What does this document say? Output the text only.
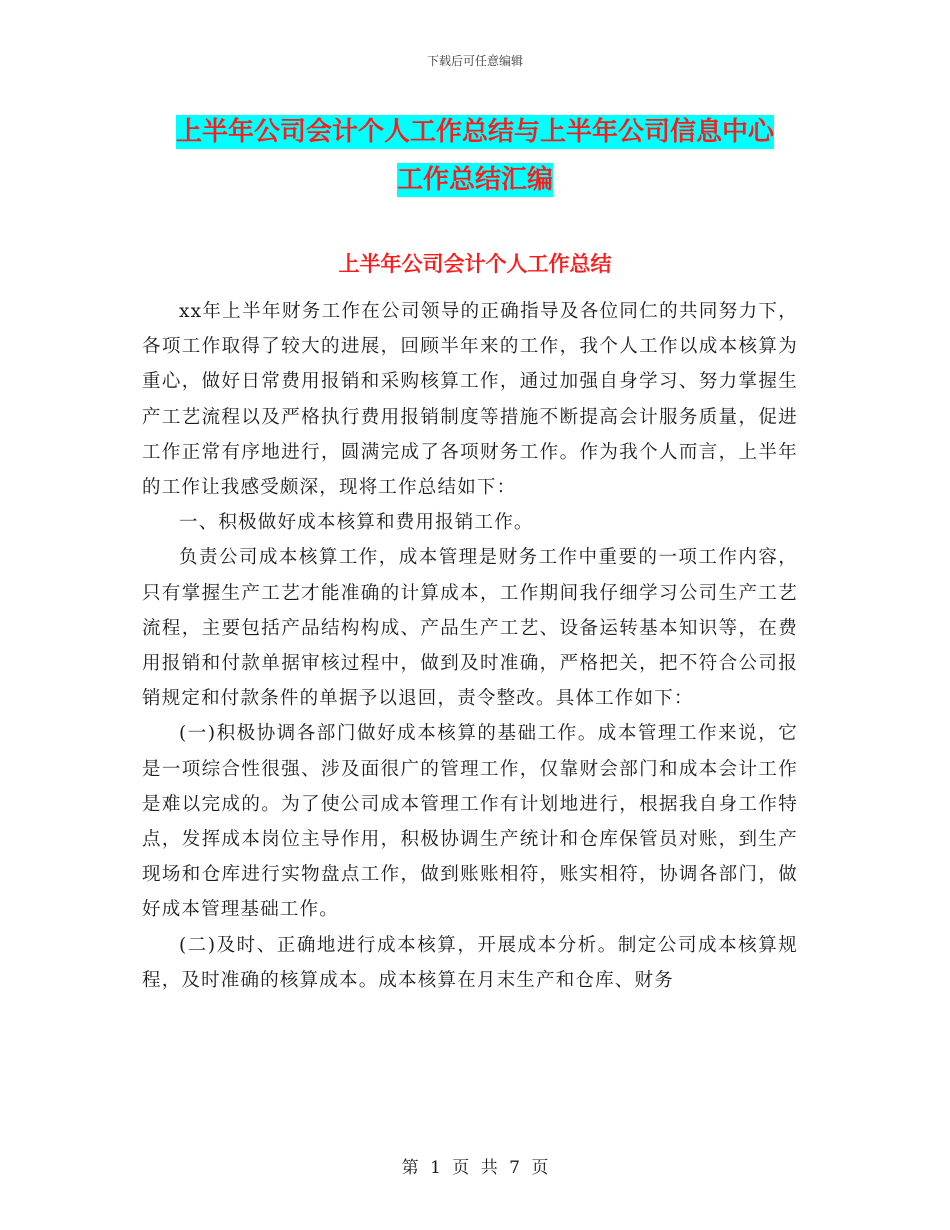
下载后可任意编辑
上半年公司会计个人工作总结与上半年公司信息中心
工作总结汇编
上半年公司会计个人工作总结

xx年上半年财务工作在公司领导的正确指导及各位同仁的共同努力下，各项工作取得了较大的进展，回顾半年来的工作，我个人工作以成本核算为重心，做好日常费用报销和采购核算工作，通过加强自身学习、努力掌握生产工艺流程以及严格执行费用报销制度等措施不断提高会计服务质量，促进工作正常有序地进行，圆满完成了各项财务工作。作为我个人而言，上半年的工作让我感受颇深，现将工作总结如下：

一、积极做好成本核算和费用报销工作。

负责公司成本核算工作，成本管理是财务工作中重要的一项工作内容，只有掌握生产工艺才能准确的计算成本，工作期间我仔细学习公司生产工艺流程，主要包括产品结构构成、产品生产工艺、设备运转基本知识等，在费用报销和付款单据审核过程中，做到及时准确，严格把关，把不符合公司报销规定和付款条件的单据予以退回，责令整改。具体工作如下：

(一)积极协调各部门做好成本核算的基础工作。成本管理工作来说，它是一项综合性很强、涉及面很广的管理工作，仅靠财会部门和成本会计工作是难以完成的。为了使公司成本管理工作有计划地进行，根据我自身工作特点，发挥成本岗位主导作用，积极协调生产统计和仓库保管员对账，到生产现场和仓库进行实物盘点工作，做到账账相符，账实相符，协调各部门，做好成本管理基础工作。

(二)及时、正确地进行成本核算，开展成本分析。制定公司成本核算规程，及时准确的核算成本。成本核算在月末生产和仓库、财务

第 1 页 共 7 页
